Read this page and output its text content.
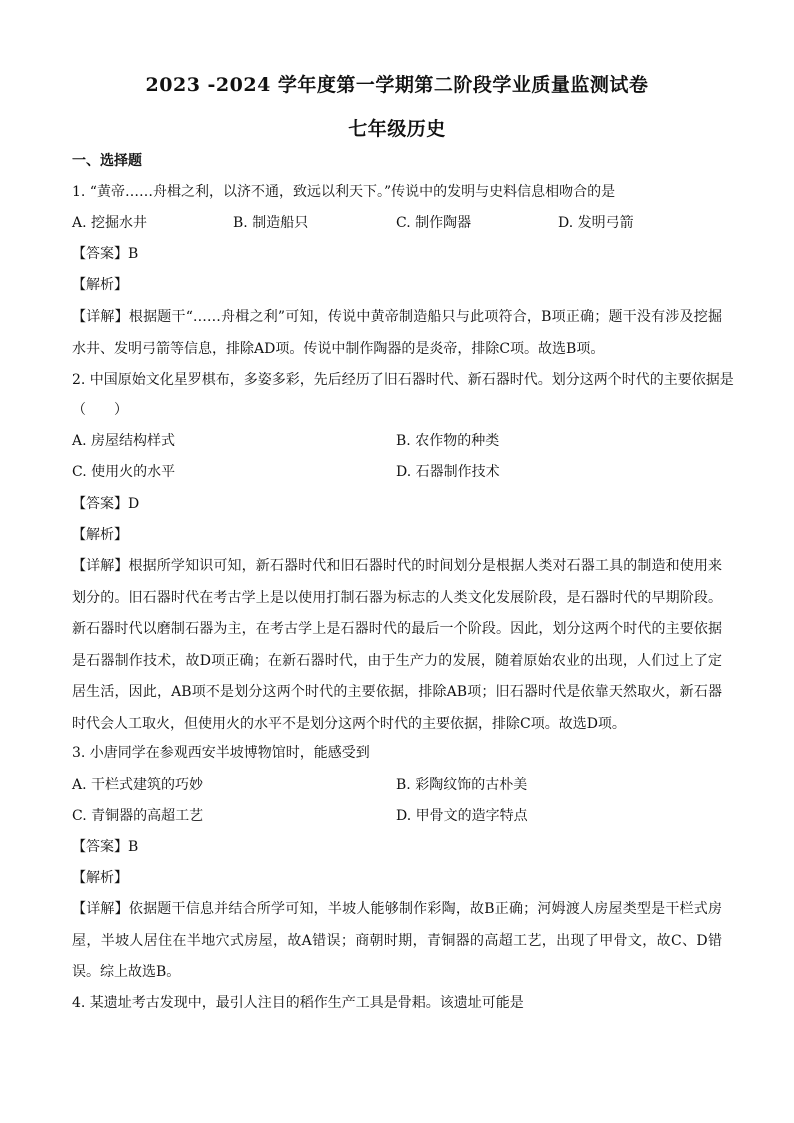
2023 -2024 学年度第一学期第二阶段学业质量监测试卷
七年级历史
一、选择题
1. “黄帝……舟楫之利，以济不通，致远以利天下。”传说中的发明与史料信息相吻合的是
A. 挖掘水井	B. 制造船只	C. 制作陶器	D. 发明弓箭
【答案】B
【解析】
【详解】根据题干“……舟楫之利”可知，传说中黄帝制造船只与此项符合，B项正确；题干没有涉及挖掘水井、发明弓箭等信息，排除AD项。传说中制作陶器的是炎帝，排除C项。故选B项。
2. 中国原始文化星罗棋布，多姿多彩，先后经历了旧石器时代、新石器时代。划分这两个时代的主要依据是
（　　）
A. 房屋结构样式	B. 农作物的种类
C. 使用火的水平	D. 石器制作技术
【答案】D
【解析】
【详解】根据所学知识可知，新石器时代和旧石器时代的时间划分是根据人类对石器工具的制造和使用来划分的。旧石器时代在考古学上是以使用打制石器为标志的人类文化发展阶段，是石器时代的早期阶段。新石器时代以磨制石器为主，在考古学上是石器时代的最后一个阶段。因此，划分这两个时代的主要依据是石器制作技术，故D项正确；在新石器时代，由于生产力的发展，随着原始农业的出现，人们过上了定居生活，因此，AB项不是划分这两个时代的主要依据，排除AB项；旧石器时代是依靠天然取火，新石器时代会人工取火，但使用火的水平不是划分这两个时代的主要依据，排除C项。故选D项。
3. 小唐同学在参观西安半坡博物馆时，能感受到
A. 干栏式建筑的巧妙	B. 彩陶纹饰的古朴美
C. 青铜器的高超工艺	D. 甲骨文的造字特点
【答案】B
【解析】
【详解】依据题干信息并结合所学可知，半坡人能够制作彩陶，故B正确；河姆渡人房屋类型是干栏式房屋，半坡人居住在半地穴式房屋，故A错误；商朝时期，青铜器的高超工艺，出现了甲骨文，故C、D错误。综上故选B。
4. 某遗址考古发现中，最引人注目的稻作生产工具是骨耜。该遗址可能是
